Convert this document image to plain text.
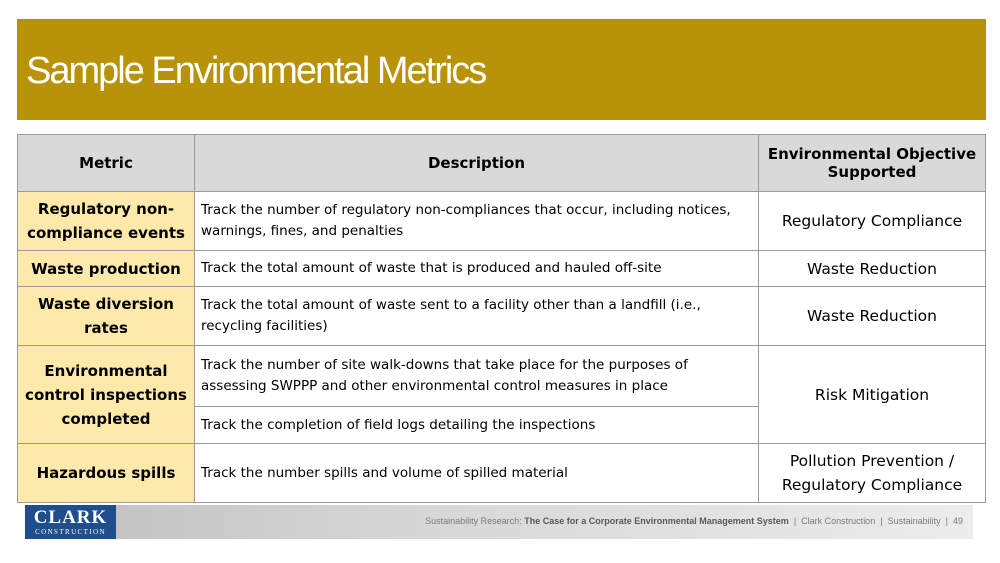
Sample Environmental Metrics
Metric	Description	Environmental Objective Supported
Regulatory non-compliance events	Track the number of regulatory non-compliances that occur, including notices, warnings, fines, and penalties	Regulatory Compliance
Waste production	Track the total amount of waste that is produced and hauled off-site	Waste Reduction
Waste diversion rates	Track the total amount of waste sent to a facility other than a landfill (i.e., recycling facilities)	Waste Reduction
Environmental control inspections completed	Track the number of site walk-downs that take place for the purposes of assessing SWPPP and other environmental control measures in place	Risk Mitigation
	Track the completion of field logs detailing the inspections	
Hazardous spills	Track the number spills and volume of spilled material	Pollution Prevention / Regulatory Compliance
CLARK
CONSTRUCTION
Sustainability Research: The Case for a Corporate Environmental Management System | Clark Construction | Sustainability | 49
